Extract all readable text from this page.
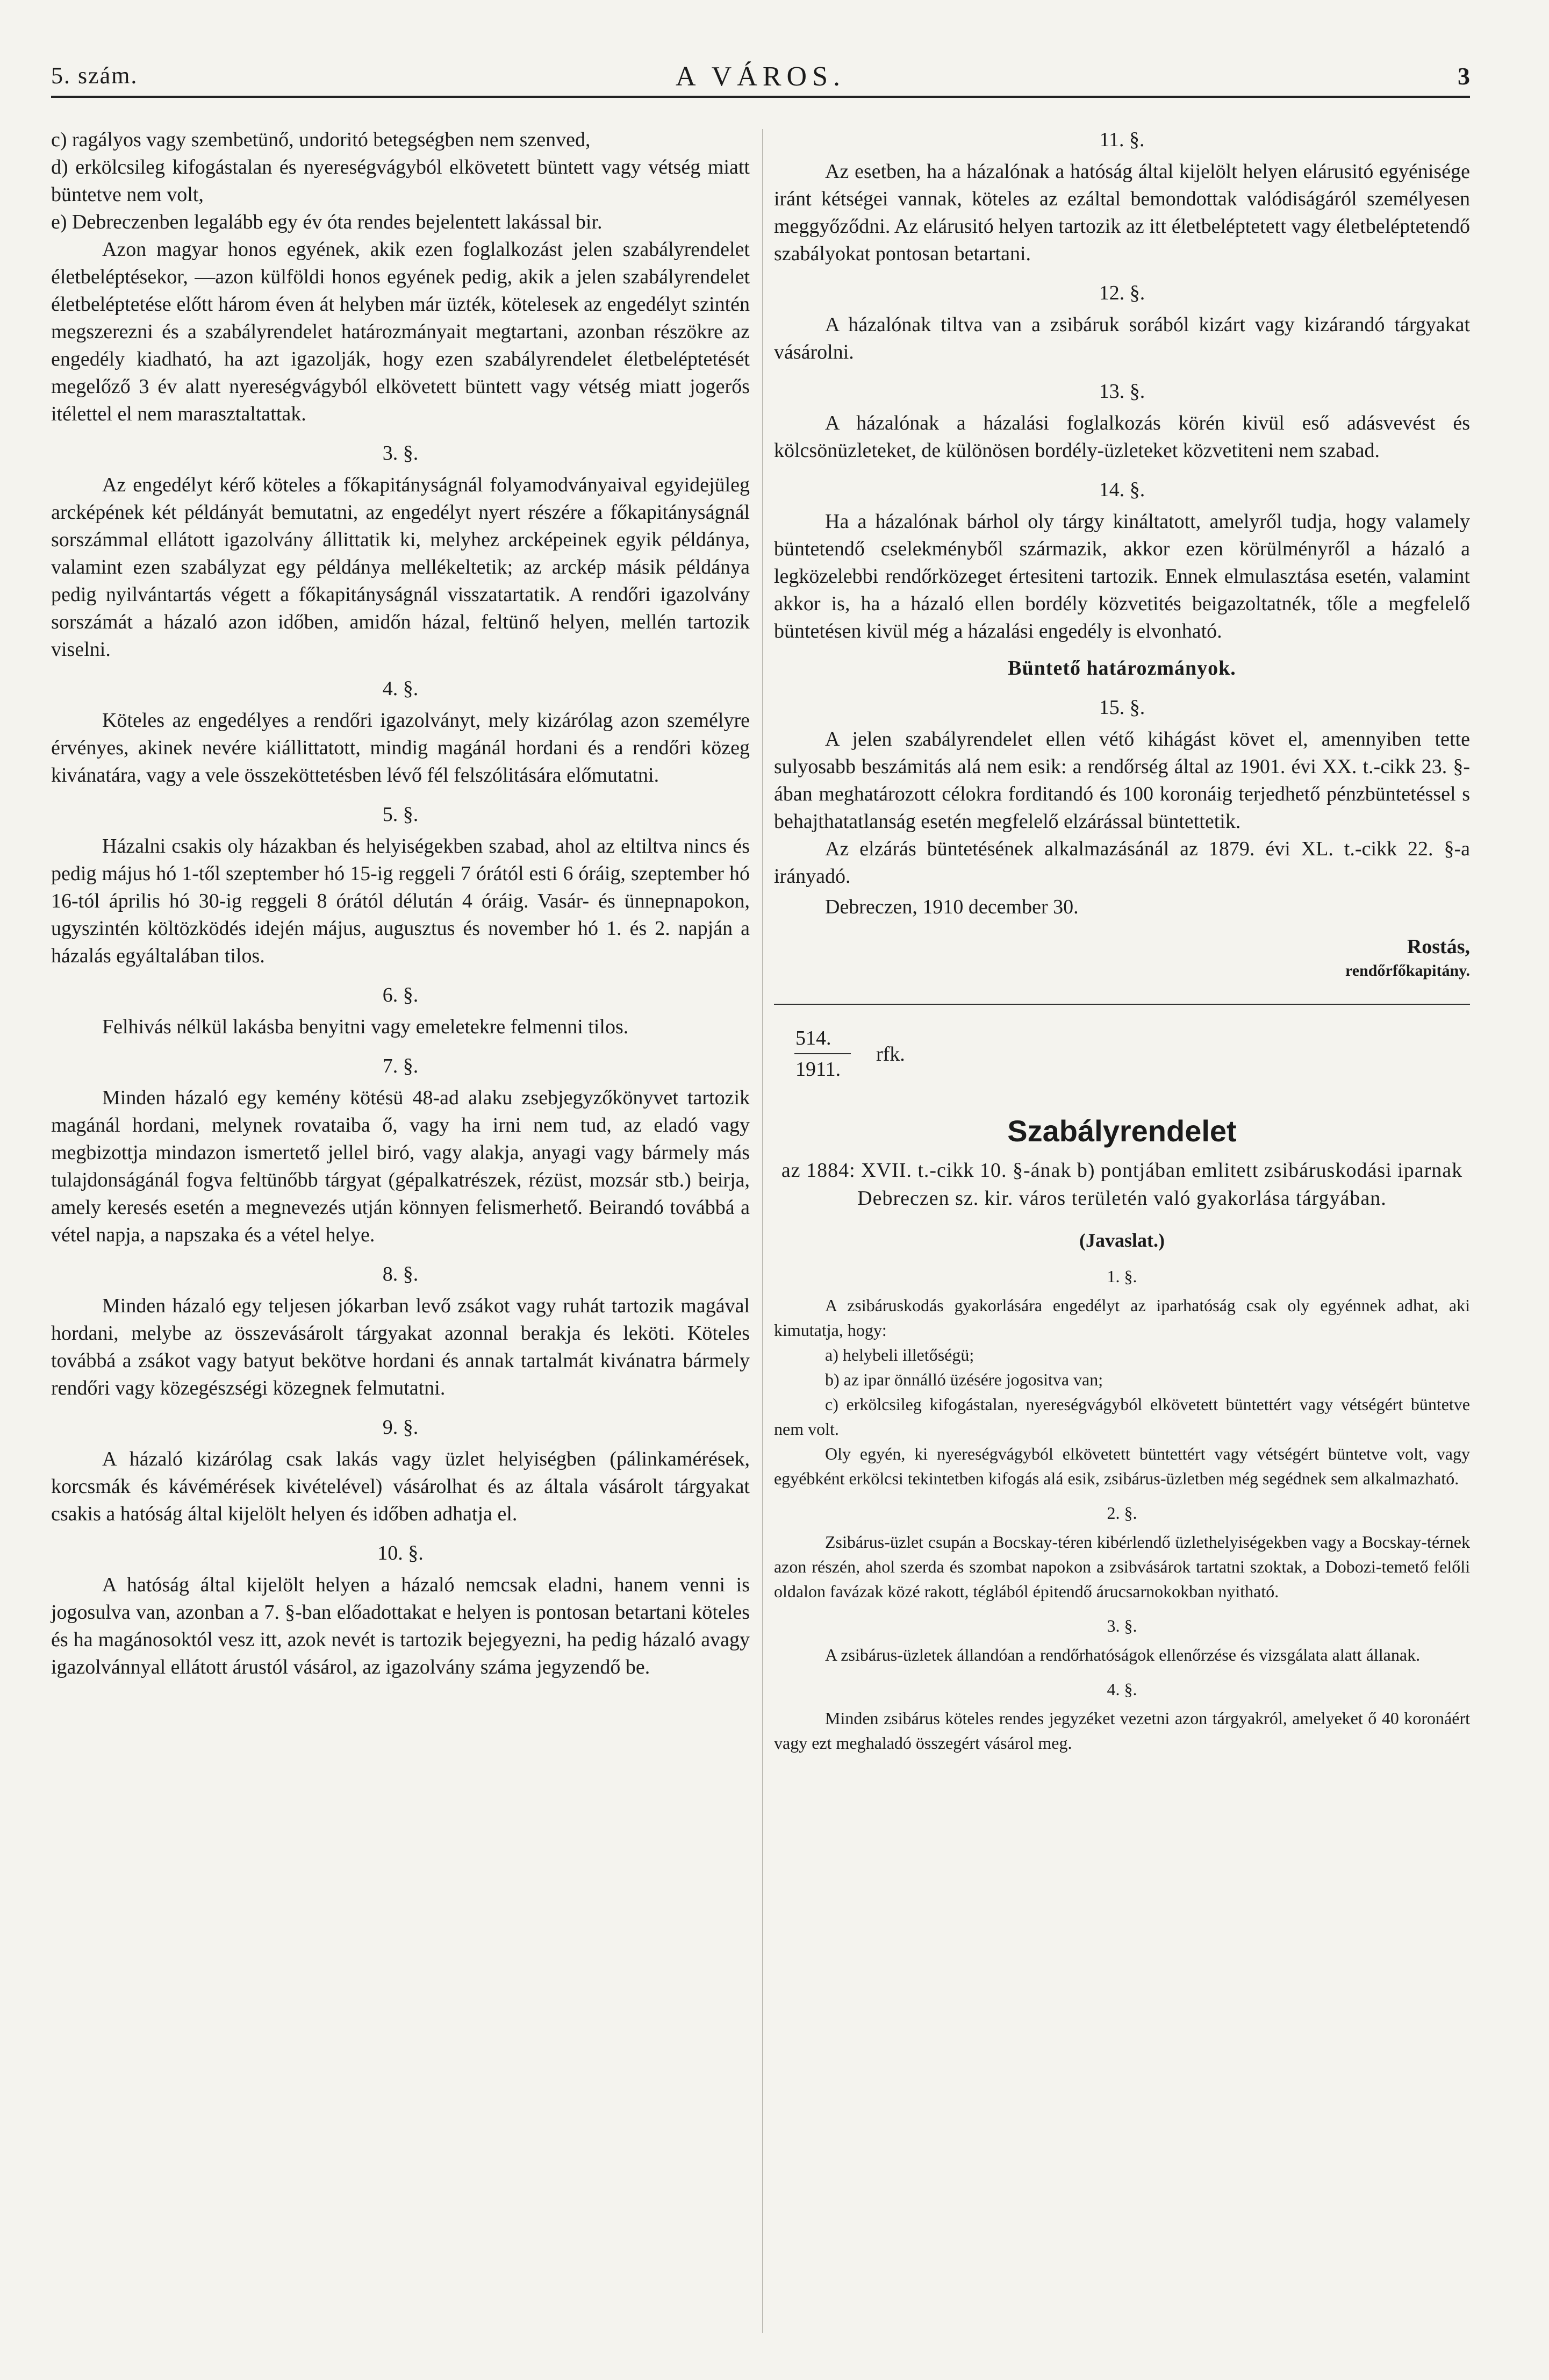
5. szám.	A VÁROS.	3

c) ragályos vagy szembetünő, undoritó betegségben nem szenved,

d) erkölcsileg kifogástalan és nyereségvágyból elkövetett büntett vagy vétség miatt büntetve nem volt,

e) Debreczenben legalább egy év óta rendes bejelentett lakással bir.

Azon magyar honos egyének, akik ezen foglalkozást jelen szabályrendelet életbeléptésekor, —azon külföldi honos egyének pedig, akik a jelen szabályrendelet életbeléptetése előtt három éven át helyben már üzték, kötelesek az engedélyt szintén megszerezni és a szabályrendelet határozmányait megtartani, azonban részökre az engedély kiadható, ha azt igazolják, hogy ezen szabályrendelet életbeléptetését megelőző 3 év alatt nyereségvágyból elkövetett büntett vagy vétség miatt jogerős itélettel el nem marasztaltattak.

3. §.

Az engedélyt kérő köteles a főkapitányságnál folyamodványaival egyidejüleg arcképének két példányát bemutatni, az engedélyt nyert részére a főkapitányságnál sorszámmal ellátott igazolvány állittatik ki, melyhez arcképeinek egyik példánya, valamint ezen szabályzat egy példánya mellékeltetik; az arckép másik példánya pedig nyilvántartás végett a főkapitányságnál visszatartatik. A rendőri igazolvány sorszámát a házaló azon időben, amidőn házal, feltünő helyen, mellén tartozik viselni.

4. §.

Köteles az engedélyes a rendőri igazolványt, mely kizárólag azon személyre érvényes, akinek nevére kiállittatott, mindig magánál hordani és a rendőri közeg kivánatára, vagy a vele összeköttetésben lévő fél felszólitására előmutatni.

5. §.

Házalni csakis oly házakban és helyiségekben szabad, ahol az eltiltva nincs és pedig május hó 1-től szeptember hó 15-ig reggeli 7 órától esti 6 óráig, szeptember hó 16-tól április hó 30-ig reggeli 8 órától délután 4 óráig. Vasár- és ünnepnapokon, ugyszintén költözködés idején május, augusztus és november hó 1. és 2. napján a házalás egyáltalában tilos.

6. §.

Felhivás nélkül lakásba benyitni vagy emeletekre felmenni tilos.

7. §.

Minden házaló egy kemény kötésü 48-ad alaku zsebjegyzőkönyvet tartozik magánál hordani, melynek rovataiba ő, vagy ha irni nem tud, az eladó vagy megbizottja mindazon ismertető jellel biró, vagy alakja, anyagi vagy bármely más tulajdonságánál fogva feltünőbb tárgyat (gépalkatrészek, rézüst, mozsár stb.) beirja, amely keresés esetén a megnevezés utján könnyen felismerhető. Beirandó továbbá a vétel napja, a napszaka és a vétel helye.

8. §.

Minden házaló egy teljesen jókarban levő zsákot vagy ruhát tartozik magával hordani, melybe az összevásárolt tárgyakat azonnal berakja és leköti. Köteles továbbá a zsákot vagy batyut bekötve hordani és annak tartalmát kivánatra bármely rendőri vagy közegészségi közegnek felmutatni.

9. §.

A házaló kizárólag csak lakás vagy üzlet helyiségben (pálinkamérések, korcsmák és kávémérések kivételével) vásárolhat és az általa vásárolt tárgyakat csakis a hatóság által kijelölt helyen és időben adhatja el.

10. §.

A hatóság által kijelölt helyen a házaló nemcsak eladni, hanem venni is jogosulva van, azonban a 7. §-ban előadottakat e helyen is pontosan betartani köteles és ha magánosoktól vesz itt, azok nevét is tartozik bejegyezni, ha pedig házaló avagy igazolvánnyal ellátott árustól vásárol, az igazolvány száma jegyzendő be.

11. §.

Az esetben, ha a házalónak a hatóság által kijelölt helyen elárusitó egyénisége iránt kétségei vannak, köteles az ezáltal bemondottak valódiságáról személyesen meggyőződni. Az elárusitó helyen tartozik az itt életbeléptetett vagy életbeléptetendő szabályokat pontosan betartani.

12. §.

A házalónak tiltva van a zsibáruk sorából kizárt vagy kizárandó tárgyakat vásárolni.

13. §.

A házalónak a házalási foglalkozás körén kivül eső adásvevést és kölcsönüzleteket, de különösen bordély-üzleteket közvetiteni nem szabad.

14. §.

Ha a házalónak bárhol oly tárgy kináltatott, amelyről tudja, hogy valamely büntetendő cselekményből származik, akkor ezen körülményről a házaló a legközelebbi rendőrközeget értesiteni tartozik. Ennek elmulasztása esetén, valamint akkor is, ha a házaló ellen bordély közvetités beigazoltatnék, tőle a megfelelő büntetésen kivül még a házalási engedély is elvonható.

Büntető határozmányok.
15. §.

A jelen szabályrendelet ellen vétő kihágást követ el, amennyiben tette sulyosabb beszámitás alá nem esik: a rendőrség által az 1901. évi XX. t.-cikk 23. §-ában meghatározott célokra forditandó és 100 koronáig terjedhető pénzbüntetéssel s behajthatatlanság esetén megfelelő elzárással büntettetik.

Az elzárás büntetésének alkalmazásánál az 1879. évi XL. t.-cikk 22. §-a irányadó.

Debreczen, 1910 december 30.

Rostás,
rendőrfőkapitány.
514.
1911.
rfk.
Szabályrendelet
az 1884: XVII. t.-cikk 10. §-ának b) pontjában emlitett zsibáruskodási iparnak Debreczen sz. kir. város területén való gyakorlása tárgyában.
(Javaslat.)
1. §.

A zsibáruskodás gyakorlására engedélyt az iparhatóság csak oly egyénnek adhat, aki kimutatja, hogy:

a) helybeli illetőségü;

b) az ipar önnálló üzésére jogositva van;

c) erkölcsileg kifogástalan, nyereségvágyból elkövetett büntettért vagy vétségért büntetve nem volt.

Oly egyén, ki nyereségvágyból elkövetett büntettért vagy vétségért büntetve volt, vagy egyébként erkölcsi tekintetben kifogás alá esik, zsibárus-üzletben még segédnek sem alkalmazható.

2. §.

Zsibárus-üzlet csupán a Bocskay-téren kibérlendő üzlethelyiségekben vagy a Bocskay-térnek azon részén, ahol szerda és szombat napokon a zsibvásárok tartatni szoktak, a Dobozi-temető felőli oldalon favázak közé rakott, téglából épitendő árucsarnokokban nyitható.

3. §.

A zsibárus-üzletek állandóan a rendőrhatóságok ellenőrzése és vizsgálata alatt állanak.

4. §.

Minden zsibárus köteles rendes jegyzéket vezetni azon tárgyakról, amelyeket ő 40 koronáért vagy ezt meghaladó összegért vásárol meg.
